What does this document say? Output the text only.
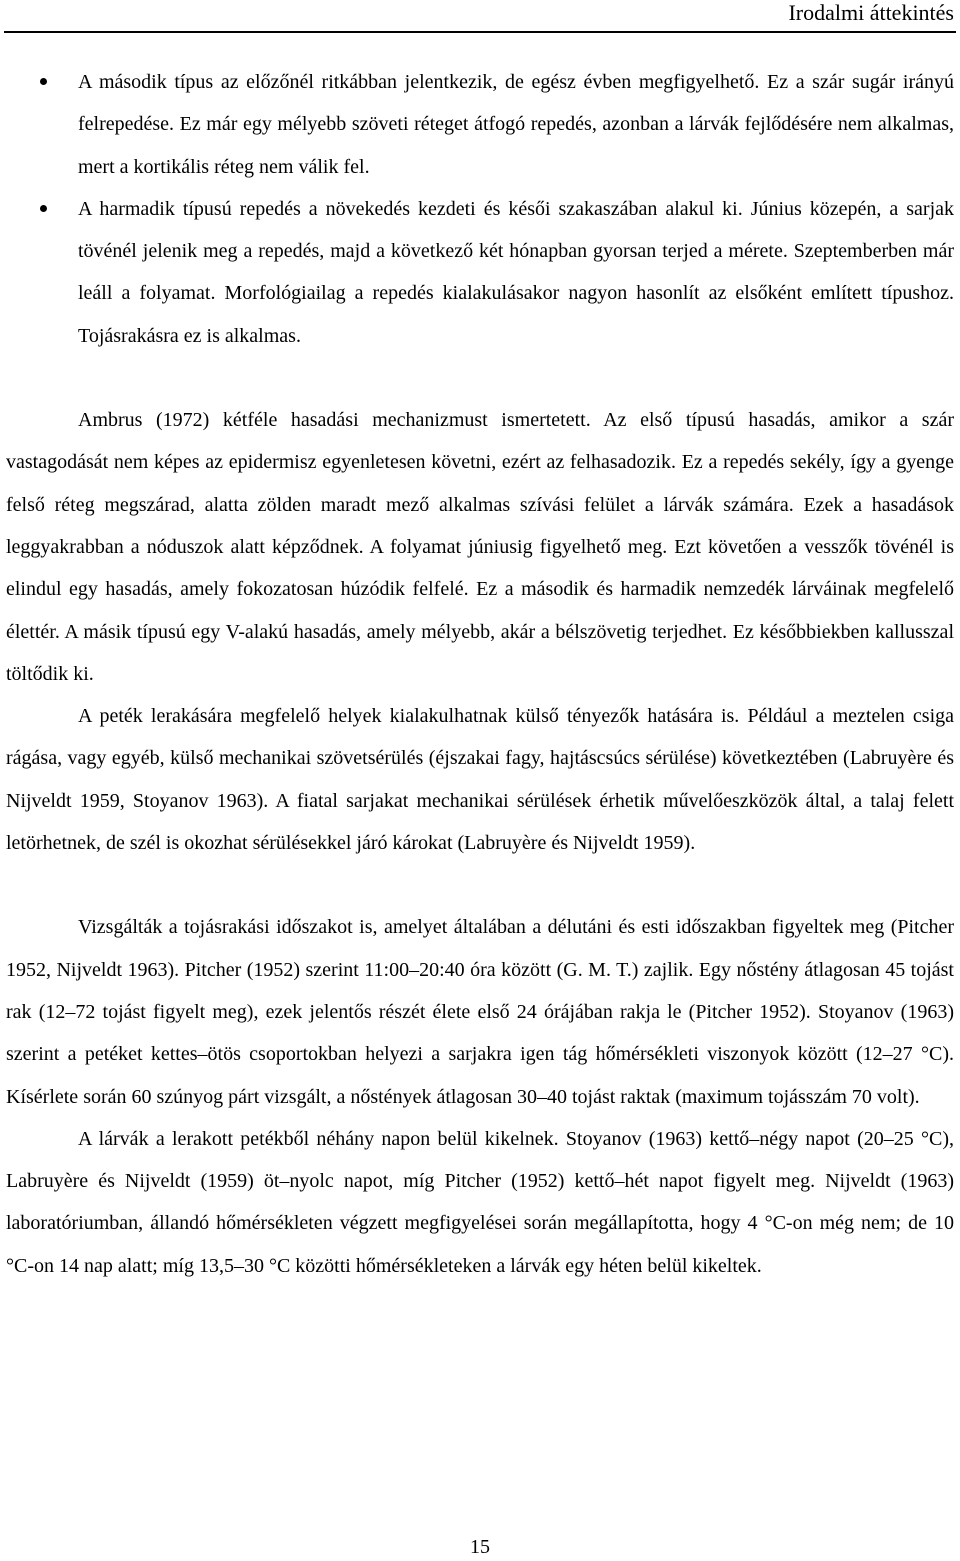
Irodalmi áttekintés
A második típus az előzőnél ritkábban jelentkezik, de egész évben megfigyelhető. Ez a szár sugár irányú felrepedése. Ez már egy mélyebb szöveti réteget átfogó repedés, azonban a lárvák fejlődésére nem alkalmas, mert a kortikális réteg nem válik fel.
A harmadik típusú repedés a növekedés kezdeti és késői szakaszában alakul ki. Június közepén, a sarjak tövénél jelenik meg a repedés, majd a következő két hónapban gyorsan terjed a mérete. Szeptemberben már leáll a folyamat. Morfológiailag a repedés kialakulásakor nagyon hasonlít az elsőként említett típushoz. Tojásrakásra ez is alkalmas.

Ambrus (1972) kétféle hasadási mechanizmust ismertetett. Az első típusú hasadás, amikor a szár vastagodását nem képes az epidermisz egyenletesen követni, ezért az felhasadozik. Ez a repedés sekély, így a gyenge felső réteg megszárad, alatta zölden maradt mező alkalmas szívási felület a lárvák számára. Ezek a hasadások leggyakrabban a nóduszok alatt képződnek. A folyamat júniusig figyelhető meg. Ezt követően a vesszők tövénél is elindul egy hasadás, amely fokozatosan húzódik felfelé. Ez a második és harmadik nemzedék lárváinak megfelelő élettér. A másik típusú egy V-alakú hasadás, amely mélyebb, akár a bélszövetig terjedhet. Ez későbbiekben kallusszal töltődik ki.

A peték lerakására megfelelő helyek kialakulhatnak külső tényezők hatására is. Például a meztelen csiga rágása, vagy egyéb, külső mechanikai szövetsérülés (éjszakai fagy, hajtáscsúcs sérülése) következtében (Labruyère és Nijveldt 1959, Stoyanov 1963). A fiatal sarjakat mechanikai sérülések érhetik művelőeszközök által, a talaj felett letörhetnek, de szél is okozhat sérülésekkel járó károkat (Labruyère és Nijveldt 1959).

Vizsgálták a tojásrakási időszakot is, amelyet általában a délutáni és esti időszakban figyeltek meg (Pitcher 1952, Nijveldt 1963). Pitcher (1952) szerint 11:00–20:40 óra között (G. M. T.) zajlik. Egy nőstény átlagosan 45 tojást rak (12–72 tojást figyelt meg), ezek jelentős részét élete első 24 órájában rakja le (Pitcher 1952). Stoyanov (1963) szerint a petéket kettes–ötös csoportokban helyezi a sarjakra igen tág hőmérsékleti viszonyok között (12–27 °C). Kísérlete során 60 szúnyog párt vizsgált, a nőstények átlagosan 30–40 tojást raktak (maximum tojásszám 70 volt).

A lárvák a lerakott petékből néhány napon belül kikelnek. Stoyanov (1963) kettő–négy napot (20–25 °C), Labruyère és Nijveldt (1959) öt–nyolc napot, míg Pitcher (1952) kettő–hét napot figyelt meg. Nijveldt (1963) laboratóriumban, állandó hőmérsékleten végzett megfigyelései során megállapította, hogy 4 °C-on még nem; de 10 °C-on 14 nap alatt; míg 13,5–30 °C közötti hőmérsékleteken a lárvák egy héten belül kikeltek.

15
